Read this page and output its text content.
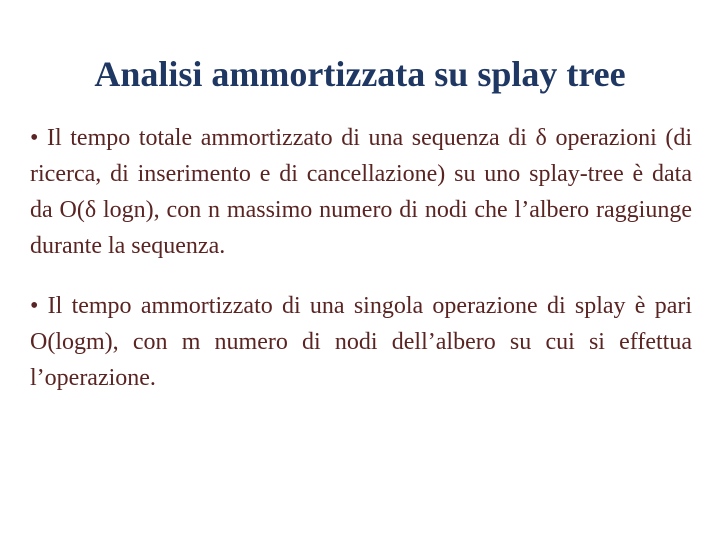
Analisi ammortizzata su splay tree

• Il tempo totale ammortizzato di una sequenza di δ operazioni (di ricerca, di inserimento e di cancellazione) su uno splay-tree è data da O(δ logn), con n massimo numero di nodi che l’albero raggiunge durante la sequenza.

• Il tempo ammortizzato di una singola operazione di splay è pari O(logm), con m numero di nodi dell’albero su cui si effettua l’operazione.
